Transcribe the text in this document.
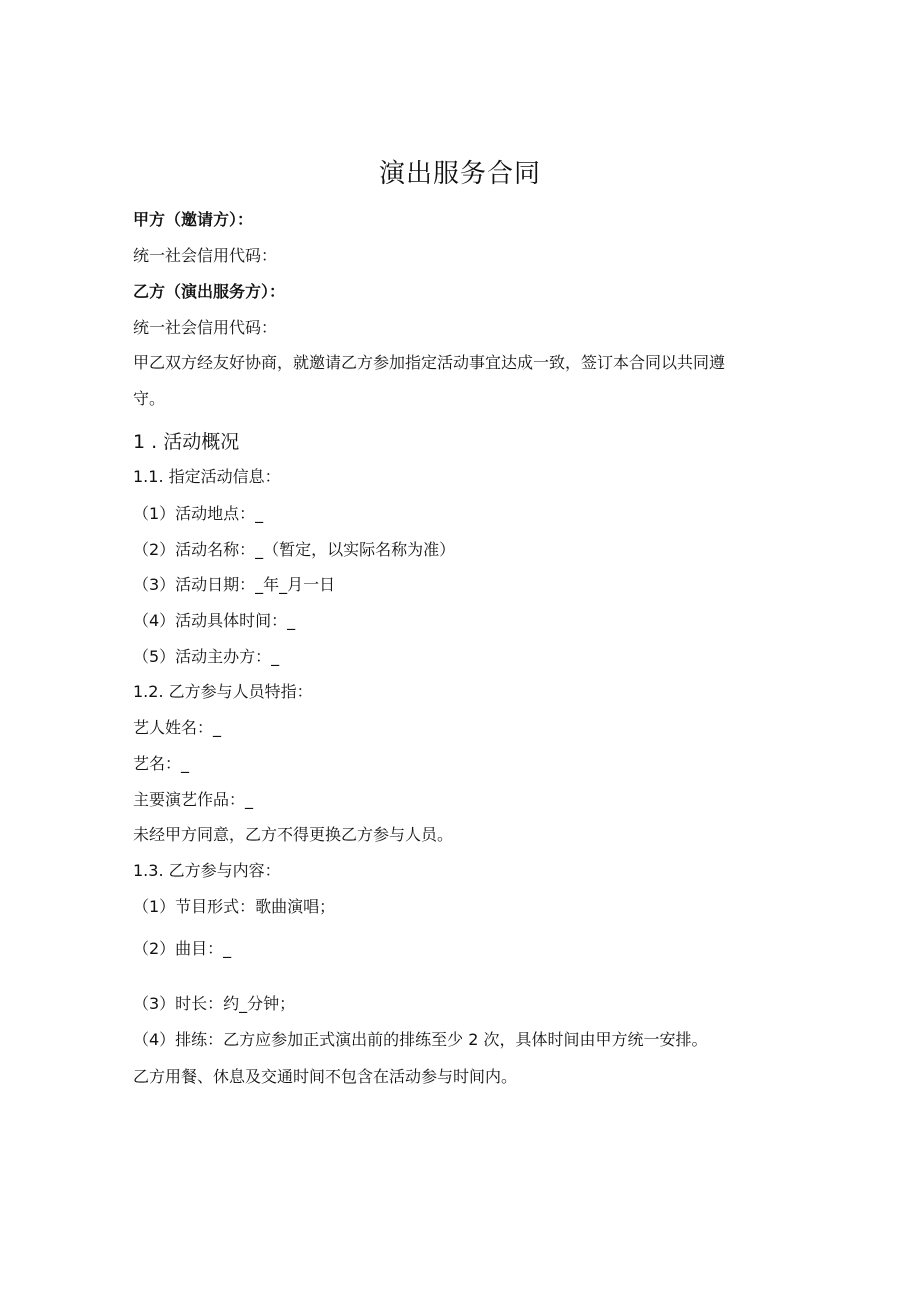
演出服务合同
甲方（邀请方）：
统一社会信用代码：
乙方（演出服务方）：
统一社会信用代码：
甲乙双方经友好协商，就邀请乙方参加指定活动事宜达成一致，签订本合同以共同遵
守。
1 . 活动概况
1.1. 指定活动信息：
（1）活动地点：_
（2）活动名称：_（暂定，以实际名称为准）
（3）活动日期：_年_月一日
（4）活动具体时间：_
（5）活动主办方：_
1.2. 乙方参与人员特指：
艺人姓名：_
艺名：_
主要演艺作品：_
未经甲方同意，乙方不得更换乙方参与人员。
1.3. 乙方参与内容：
（1）节目形式：歌曲演唱；
（2）曲目：_
（3）时长：约_分钟；
（4）排练：乙方应参加正式演出前的排练至少 2 次，具体时间由甲方统一安排。
乙方用餐、休息及交通时间不包含在活动参与时间内。
